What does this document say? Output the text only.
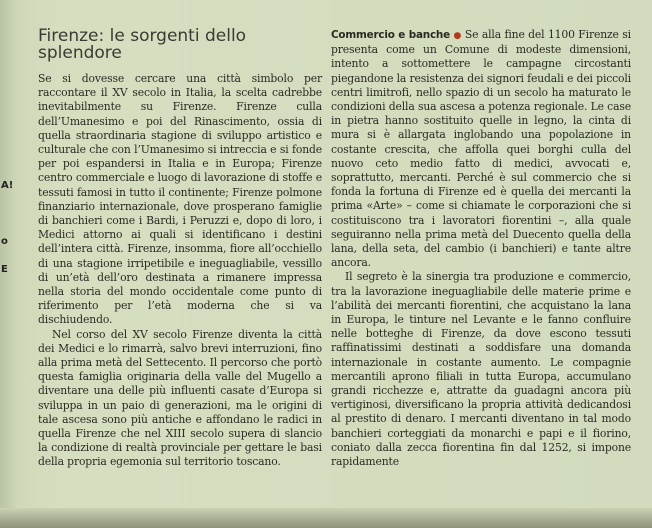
A!
o
E
Firenze: le sorgenti dello splendore

Se si dovesse cercare una città simbolo per raccontare il XV secolo in Italia, la scelta cadrebbe inevitabilmente su Firenze. Firenze culla dell’Umanesimo e poi del Rinascimento, ossia di quella straordinaria stagione di sviluppo artistico e culturale che con l’Umanesimo si intreccia e si fonde per poi espandersi in Italia e in Europa; Firenze centro commerciale e luogo di lavorazione di stoffe e tessuti famosi in tutto il continente; Firenze polmone finanziario internazionale, dove prosperano famiglie di banchieri come i Bardi, i Peruzzi e, dopo di loro, i Medici attorno ai quali si identificano i destini dell’intera città. Firenze, insomma, fiore all’occhiello di una stagione irripetibile e ineguagliabile, vessillo di un’età dell’oro destinata a rimanere impressa nella storia del mondo occidentale come punto di riferimento per l’età moderna che si va dischiudendo.

Nel corso del XV secolo Firenze diventa la città dei Medici e lo rimarrà, salvo brevi interruzioni, fino alla prima metà del Settecento. Il percorso che portò questa famiglia originaria della valle del Mugello a diventare una delle più influenti casate d’Europa si sviluppa in un paio di generazioni, ma le origini di tale ascesa sono più antiche e affondano le radici in quella Firenze che nel XIII secolo supera di slancio la condizione di realtà provinciale per gettare le basi della propria egemonia sul territorio toscano.

Commercio e banche ● Se alla fine del 1100 Firenze si presenta come un Comune di modeste dimensioni, intento a sottomettere le campagne circostanti piegandone la resistenza dei signori feudali e dei piccoli centri limitrofi, nello spazio di un secolo ha maturato le condizioni della sua ascesa a potenza regionale. Le case in pietra hanno sostituito quelle in legno, la cinta di mura si è allargata inglobando una popolazione in costante crescita, che affolla quei borghi culla del nuovo ceto medio fatto di medici, avvocati e, soprattutto, mercanti. Perché è sul commercio che si fonda la fortuna di Firenze ed è quella dei mercanti la prima «Arte» – come si chiamate le corporazioni che si costituiscono tra i lavoratori fiorentini –, alla quale seguiranno nella prima metà del Duecento quella della lana, della seta, del cambio (i banchieri) e tante altre ancora.

Il segreto è la sinergia tra produzione e commercio, tra la lavorazione ineguagliabile delle materie prime e l’abilità dei mercanti fiorentini, che acquistano la lana in Europa, le tinture nel Levante e le fanno confluire nelle botteghe di Firenze, da dove escono tessuti raffinatissimi destinati a soddisfare una domanda internazionale in costante aumento. Le compagnie mercantili aprono filiali in tutta Europa, accumulano grandi ricchezze e, attratte da guadagni ancora più vertiginosi, diversificano la propria attività dedicandosi al prestito di denaro. I mercanti diventano in tal modo banchieri corteggiati da monarchi e papi e il fiorino, coniato dalla zecca fiorentina fin dal 1252, si impone rapidamente
